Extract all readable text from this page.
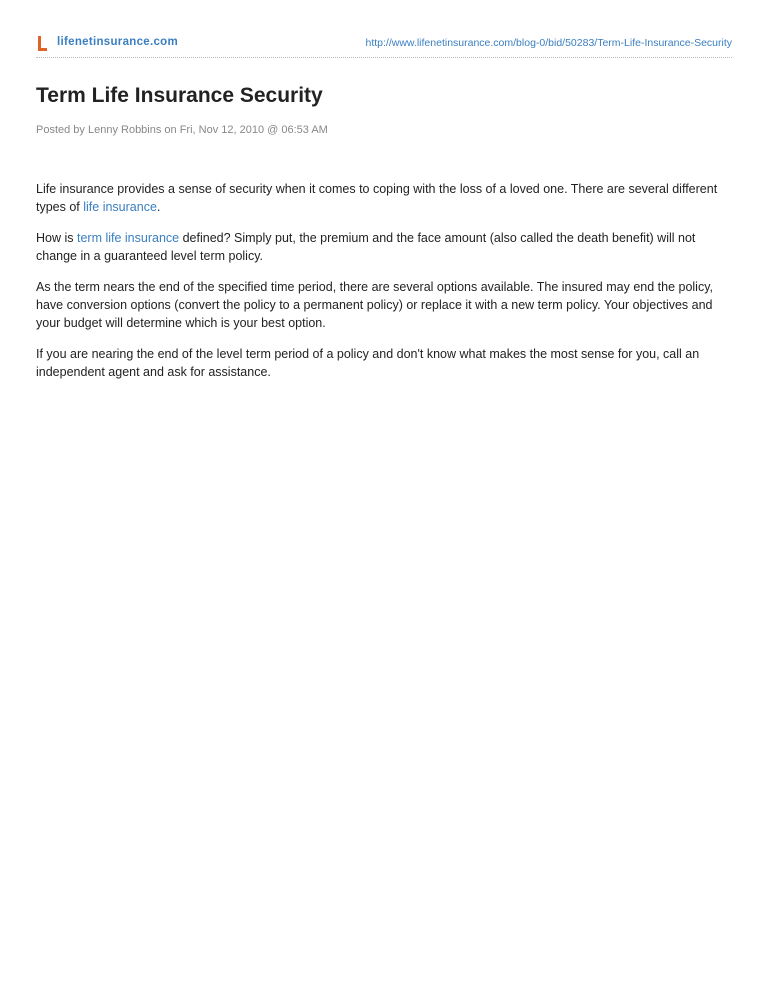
lifenetinsurance.com	http://www.lifenetinsurance.com/blog-0/bid/50283/Term-Life-Insurance-Security
Term Life Insurance Security
Posted by Lenny Robbins on Fri, Nov 12, 2010 @ 06:53 AM

Life insurance provides a sense of security when it comes to coping with the loss of a loved one. There are several different types of life insurance.

How is term life insurance defined? Simply put, the premium and the face amount (also called the death benefit) will not change in a guaranteed level term policy.

As the term nears the end of the specified time period, there are several options available. The insured may end the policy, have conversion options (convert the policy to a permanent policy) or replace it with a new term policy. Your objectives and your budget will determine which is your best option.

If you are nearing the end of the level term period of a policy and don't know what makes the most sense for you, call an independent agent and ask for assistance.
